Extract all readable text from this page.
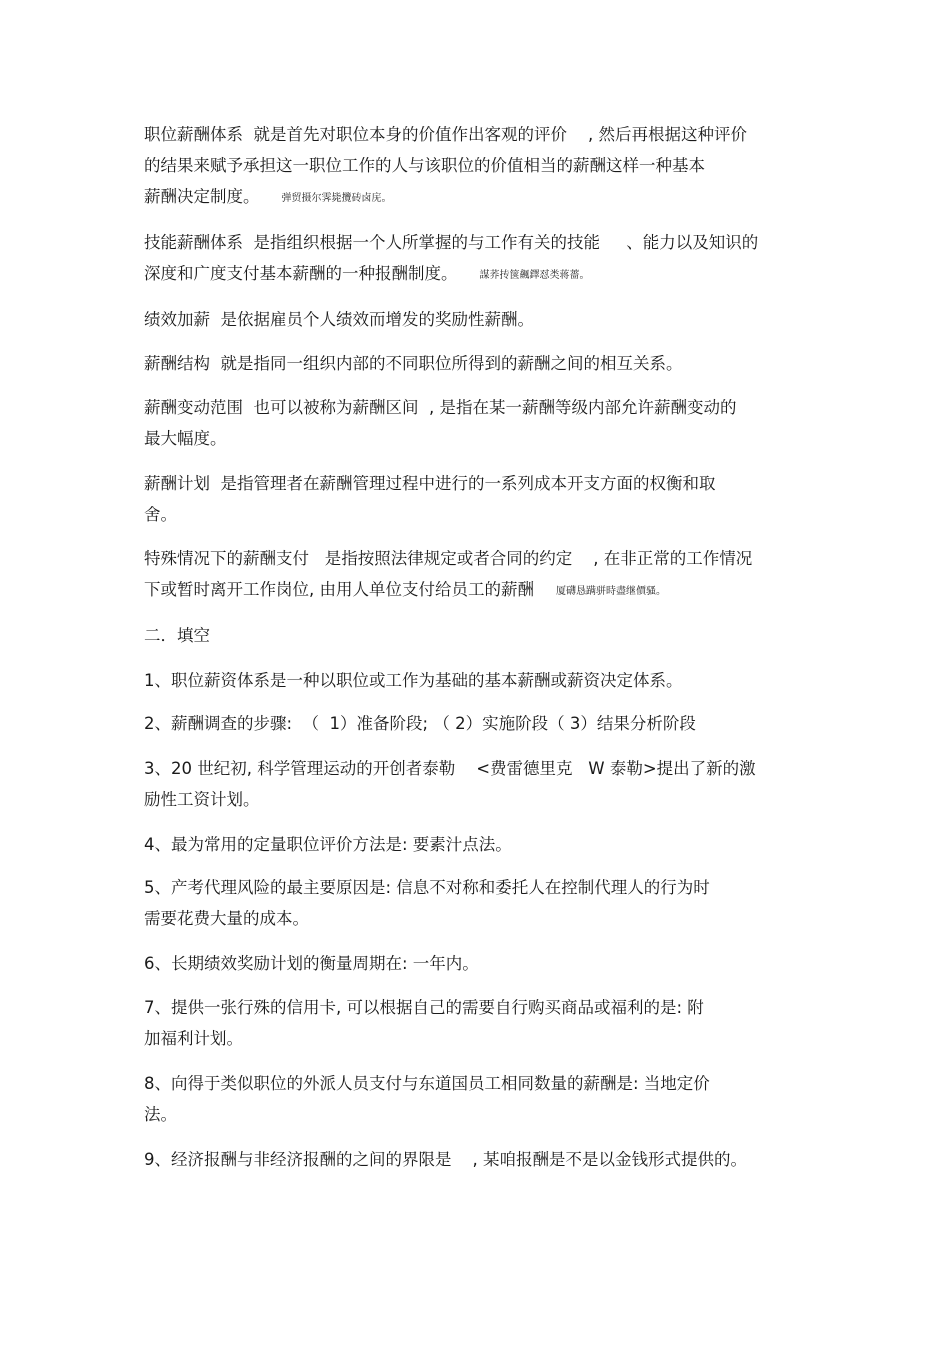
职位薪酬体系  就是首先对职位本身的价值作出客观的评价    , 然后再根据这种评价
的结果来赋予承担这一职位工作的人与该职位的价值相当的薪酬这样一种基本
薪酬决定制度。 弹贸摄尔霁毙攬砖卤庑。
技能薪酬体系  是指组织根据一个人所掌握的与工作有关的技能     、能力以及知识的
深度和广度支付基本薪酬的一种报酬制度。 謀荞抟箧飆鐸怼类蒋薔。
绩效加薪  是依据雇员个人绩效而增发的奖励性薪酬。
薪酬结构  就是指同一组织内部的不同职位所得到的薪酬之间的相互关系。
薪酬变动范围  也可以被称为薪酬区间  , 是指在某一薪酬等级内部允许薪酬变动的
最大幅度。
薪酬计划  是指管理者在薪酬管理过程中进行的一系列成本开支方面的权衡和取
舍。
特殊情况下的薪酬支付   是指按照法律规定或者合同的约定    , 在非正常的工作情况
下或暂时离开工作岗位, 由用人单位支付给员工的薪酬 厦礴恳蹒骈時盡继價骚。
二．填空
1、职位薪资体系是一种以职位或工作为基础的基本薪酬或薪资决定体系。
2、薪酬调查的步骤:  （  1）准备阶段; （ 2）实施阶段（ 3）结果分析阶段
3、20 世纪初, 科学管理运动的开创者泰勒    <费雷德里克   W 泰勒>提出了新的激
励性工资计划。
4、最为常用的定量职位评价方法是: 要素汁点法。
5、产考代理风险的最主要原因是: 信息不对称和委托人在控制代理人的行为时
需要花费大量的成本。
6、长期绩效奖励计划的衡量周期在: 一年内。
7、提供一张行殊的信用卡, 可以根据自己的需要自行购买商品或福利的是: 附
加福利计划。
8、向得于类似职位的外派人员支付与东道国员工相同数量的薪酬是: 当地定价
法。
9、经济报酬与非经济报酬的之间的界限是    , 某咱报酬是不是以金钱形式提供的。
